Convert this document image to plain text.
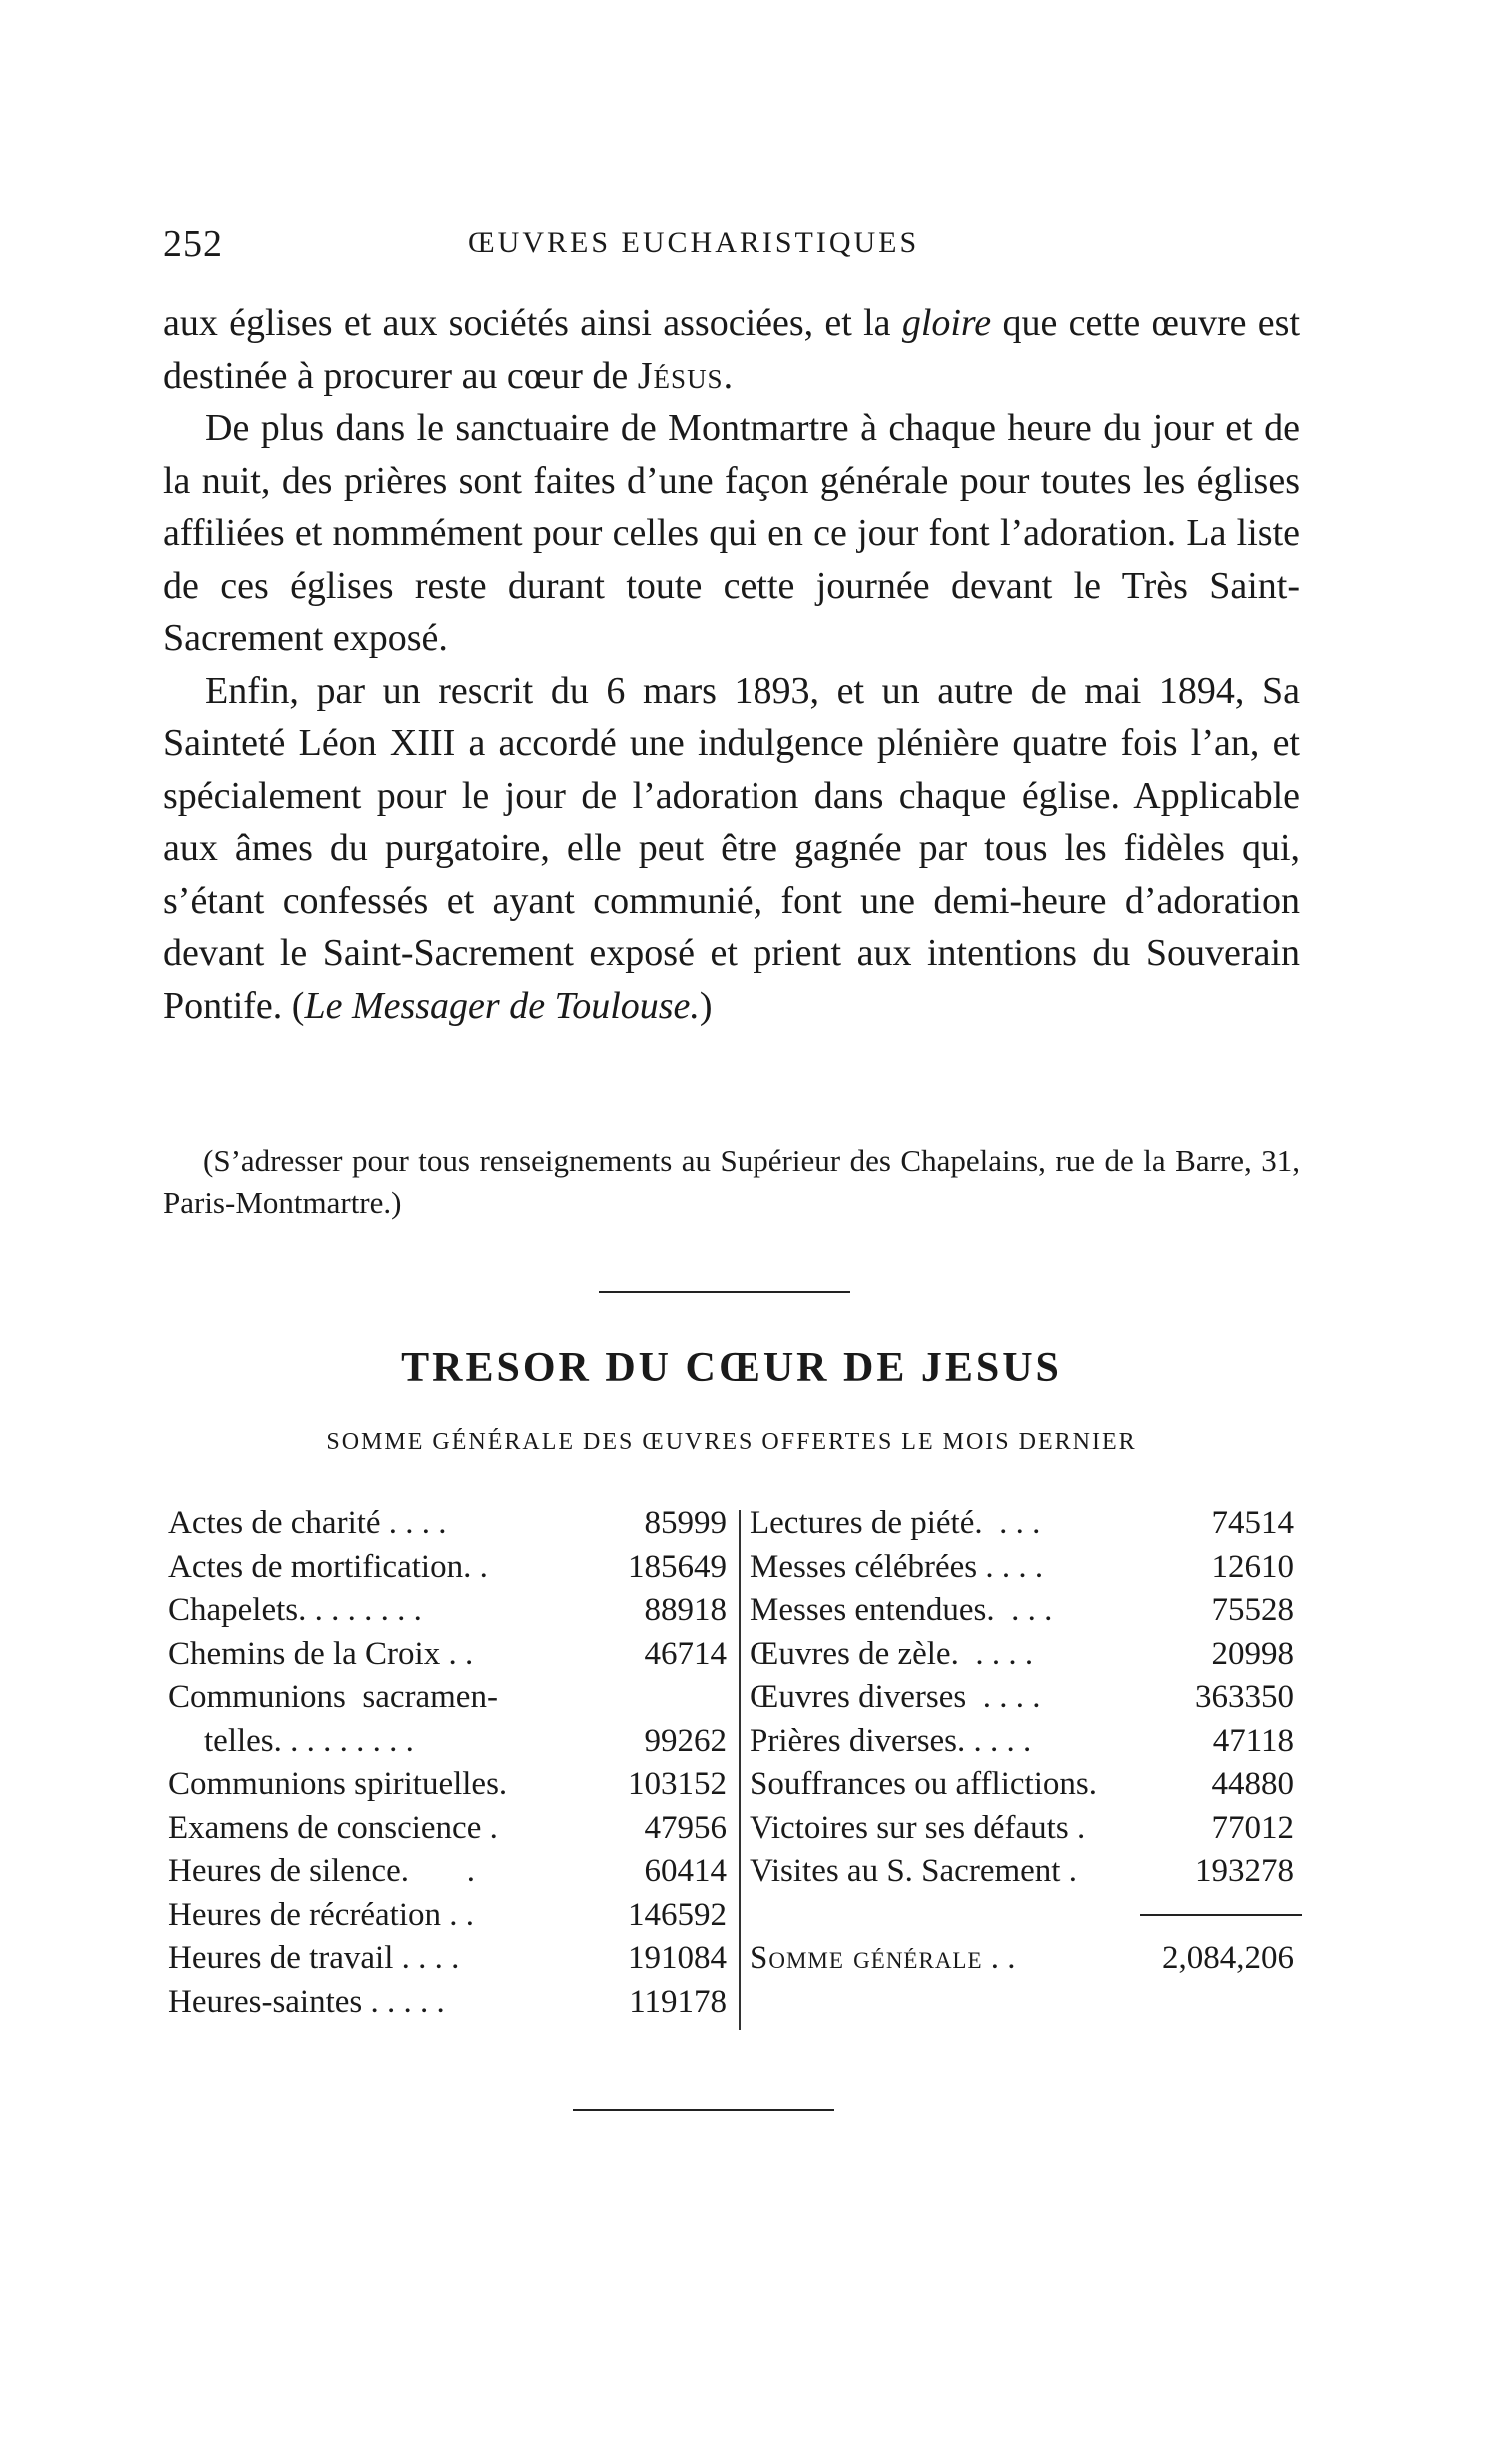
252	ŒUVRES EUCHARISTIQUES

aux églises et aux sociétés ainsi associées, et la gloire que cette œuvre est destinée à procurer au cœur de Jésus.

De plus dans le sanctuaire de Montmartre à chaque heure du jour et de la nuit, des prières sont faites d’une façon générale pour toutes les églises affiliées et nommément pour celles qui en ce jour font l’adoration. La liste de ces églises reste durant toute cette journée devant le Très Saint-Sacrement exposé.

Enfin, par un rescrit du 6 mars 1893, et un autre de mai 1894, Sa Sainteté Léon XIII a accordé une indulgence plénière quatre fois l’an, et spécialement pour le jour de l’adoration dans chaque église. Applicable aux âmes du purgatoire, elle peut être gagnée par tous les fidèles qui, s’étant confessés et ayant communié, font une demi-heure d’adoration devant le Saint-Sacrement exposé et prient aux intentions du Souverain Pontife. (Le Messager de Toulouse.)

(S’adresser pour tous renseignements au Supérieur des Chapelains, rue de la Barre, 31, Paris-Montmartre.)

TRESOR DU CŒUR DE JESUS
SOMME GÉNÉRALE DES ŒUVRES OFFERTES LE MOIS DERNIER
Actes de charité . . . .	85999
Actes de mortification. .	185649
Chapelets. . . . . . . .	88918
Chemins de la Croix . .	46714
Communions  sacramen-
telles. . . . . . . . .	99262
Communions spirituelles.	103152
Examens de conscience .	47956
Heures de silence.       .	60414
Heures de récréation . .	146592
Heures de travail . . . .	191084
Heures-saintes . . . . .	119178
Lectures de piété.  . . .	74514
Messes célébrées . . . .	12610
Messes entendues.  . . .	75528
Œuvres de zèle.  . . . .	20998
Œuvres diverses  . . . .	363350
Prières diverses. . . . .	47118
Souffrances ou afflictions.	44880
Victoires sur ses défauts .	77012
Visites au S. Sacrement .	193278
Somme générale . .	2,084,206
